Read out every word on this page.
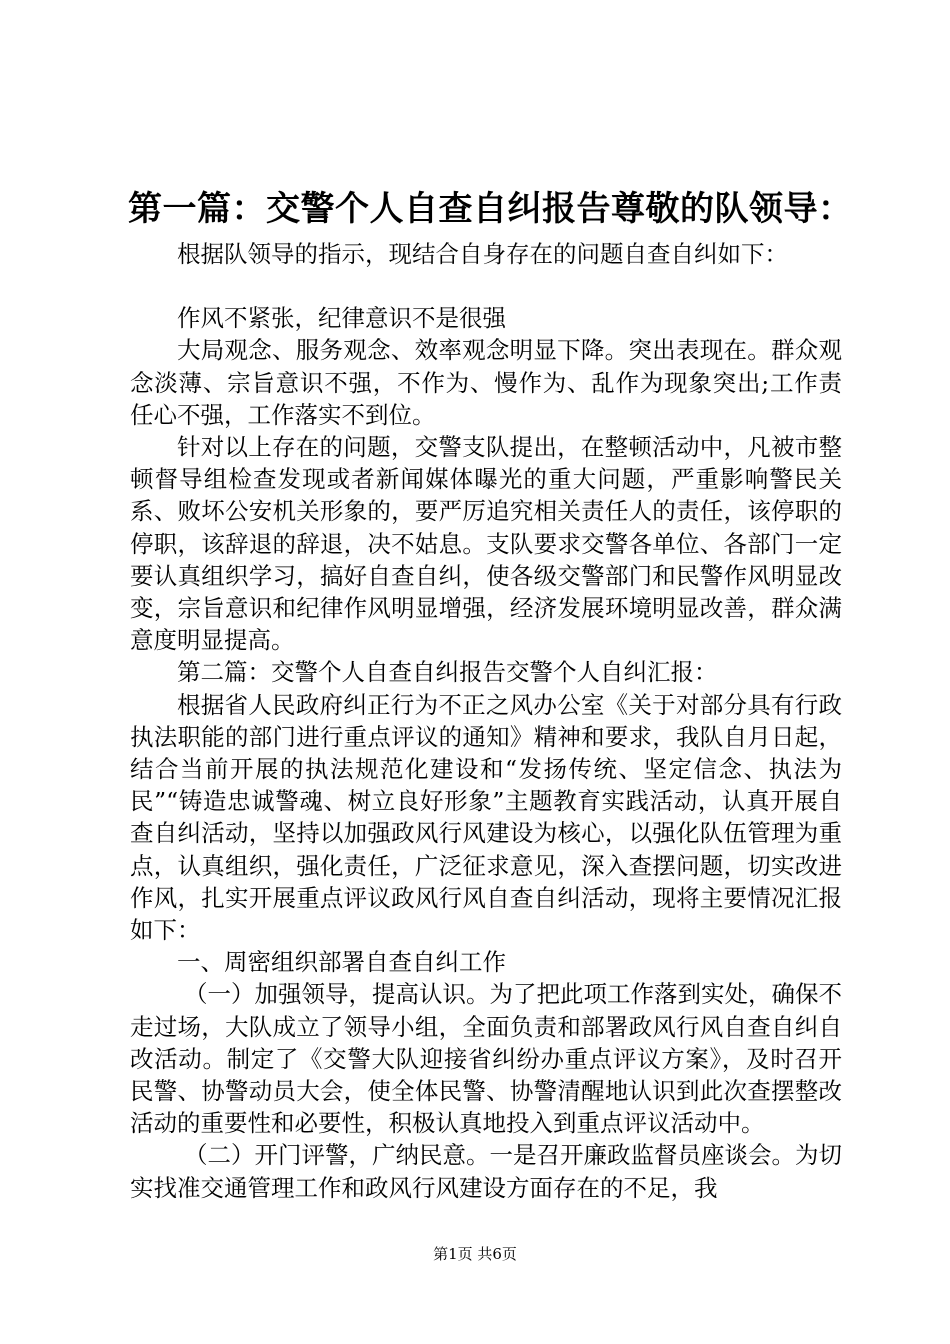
第一篇：交警个人自查自纠报告尊敬的队领导：

根据队领导的指示，现结合自身存在的问题自查自纠如下：

作风不紧张，纪律意识不是很强

大局观念、服务观念、效率观念明显下降。突出表现在。群众观念淡薄、宗旨意识不强，不作为、慢作为、乱作为现象突出;工作责任心不强，工作落实不到位。

针对以上存在的问题，交警支队提出，在整顿活动中，凡被市整顿督导组检查发现或者新闻媒体曝光的重大问题，严重影响警民关系、败坏公安机关形象的，要严厉追究相关责任人的责任，该停职的停职，该辞退的辞退，决不姑息。支队要求交警各单位、各部门一定要认真组织学习，搞好自查自纠，使各级交警部门和民警作风明显改变，宗旨意识和纪律作风明显增强，经济发展环境明显改善，群众满意度明显提高。

第二篇：交警个人自查自纠报告交警个人自纠汇报：

根据省人民政府纠正行为不正之风办公室《关于对部分具有行政执法职能的部门进行重点评议的通知》精神和要求，我队自月日起，结合当前开展的执法规范化建设和“发扬传统、坚定信念、执法为民”“铸造忠诚警魂、树立良好形象”主题教育实践活动，认真开展自查自纠活动，坚持以加强政风行风建设为核心，以强化队伍管理为重点，认真组织，强化责任，广泛征求意见，深入查摆问题，切实改进作风，扎实开展重点评议政风行风自查自纠活动，现将主要情况汇报如下：

一、周密组织部署自查自纠工作

（一）加强领导，提高认识。为了把此项工作落到实处，确保不走过场，大队成立了领导小组，全面负责和部署政风行风自查自纠自改活动。制定了《交警大队迎接省纠纷办重点评议方案》，及时召开民警、协警动员大会，使全体民警、协警清醒地认识到此次查摆整改活动的重要性和必要性，积极认真地投入到重点评议活动中。

（二）开门评警，广纳民意。一是召开廉政监督员座谈会。为切实找准交通管理工作和政风行风建设方面存在的不足，我

第1页 共6页
